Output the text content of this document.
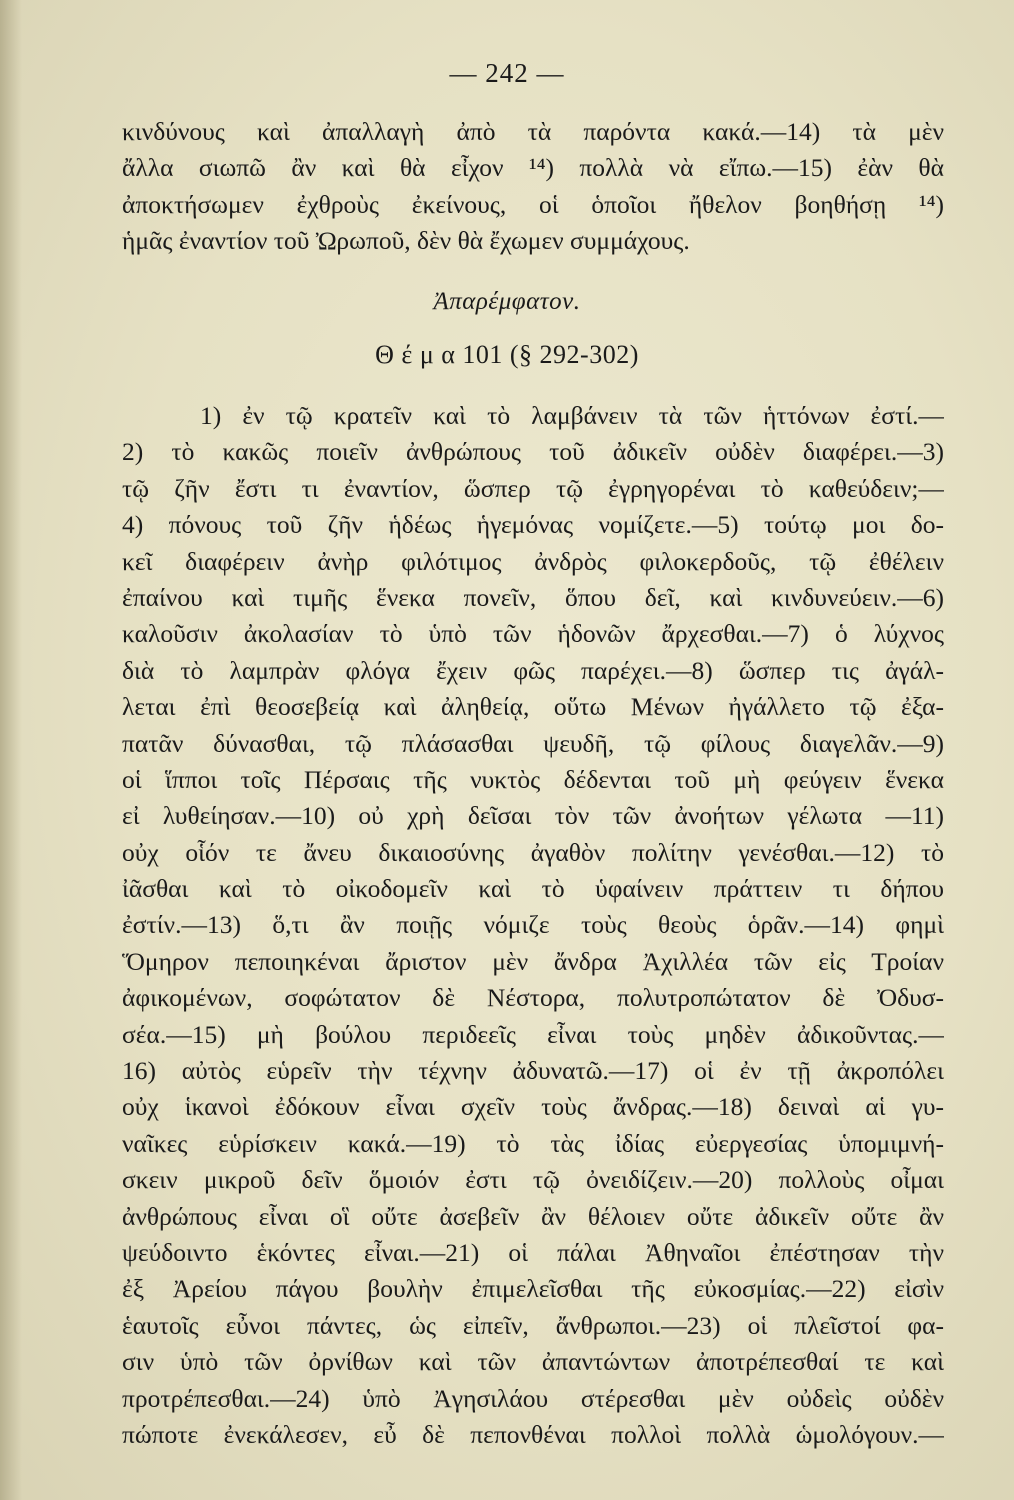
— 242 —
κινδύνους καὶ ἀπαλλαγὴ ἀπὸ τὰ παρόντα κακά.—14) τὰ μὲν
ἄλλα σιωπῶ ἂν καὶ θὰ εἶχον ¹⁴) πολλὰ νὰ εἴπω.—15) ἐὰν θὰ
ἀποκτήσωμεν ἐχθροὺς ἐκείνους, οἱ ὁποῖοι ἤθελον βοηθήσῃ ¹⁴)
ἡμᾶς ἐναντίον τοῦ Ὠρωποῦ, δὲν θὰ ἔχωμεν συμμάχους.
Ἀπαρέμφατον.
Θ έ μ α 101 (§ 292-302)
1) ἐν τῷ κρατεῖν καὶ τὸ λαμβάνειν τὰ τῶν ἡττόνων ἐστί.—
2) τὸ κακῶς ποιεῖν ἀνθρώπους τοῦ ἀδικεῖν οὐδὲν διαφέρει.—3)
τῷ ζῆν ἔστι τι ἐναντίον, ὥσπερ τῷ ἐγρηγορέναι τὸ καθεύδειν;—
4) πόνους τοῦ ζῆν ἡδέως ἡγεμόνας νομίζετε.—5) τούτῳ μοι δο-
κεῖ διαφέρειν ἀνὴρ φιλότιμος ἀνδρὸς φιλοκερδοῦς, τῷ ἐθέλειν
ἐπαίνου καὶ τιμῆς ἕνεκα πονεῖν, ὅπου δεῖ, καὶ κινδυνεύειν.—6)
καλοῦσιν ἀκολασίαν τὸ ὑπὸ τῶν ἡδονῶν ἄρχεσθαι.—7) ὁ λύχνος
διὰ τὸ λαμπρὰν φλόγα ἔχειν φῶς παρέχει.—8) ὥσπερ τις ἀγάλ-
λεται ἐπὶ θεοσεβείᾳ καὶ ἀληθείᾳ, οὕτω Μένων ἠγάλλετο τῷ ἐξα-
πατᾶν δύνασθαι, τῷ πλάσασθαι ψευδῆ, τῷ φίλους διαγελᾶν.—9)
οἱ ἵπποι τοῖς Πέρσαις τῆς νυκτὸς δέδενται τοῦ μὴ φεύγειν ἕνεκα
εἰ λυθείησαν.—10) οὐ χρὴ δεῖσαι τὸν τῶν ἀνοήτων γέλωτα —11)
οὐχ οἷόν τε ἄνευ δικαιοσύνης ἀγαθὸν πολίτην γενέσθαι.—12) τὸ
ἰᾶσθαι καὶ τὸ οἰκοδομεῖν καὶ τὸ ὑφαίνειν πράττειν τι δήπου
ἐστίν.—13) ὅ,τι ἂν ποιῇς νόμιζε τοὺς θεοὺς ὁρᾶν.—14) φημὶ
Ὅμηρον πεποιηκέναι ἄριστον μὲν ἄνδρα Ἀχιλλέα τῶν εἰς Τροίαν
ἀφικομένων, σοφώτατον δὲ Νέστορα, πολυτροπώτατον δὲ Ὀδυσ-
σέα.—15) μὴ βούλου περιδεεῖς εἶναι τοὺς μηδὲν ἀδικοῦντας.—
16) αὐτὸς εὑρεῖν τὴν τέχνην ἀδυνατῶ.—17) οἱ ἐν τῇ ἀκροπόλει
οὐχ ἱκανοὶ ἐδόκουν εἶναι σχεῖν τοὺς ἄνδρας.—18) δειναὶ αἱ γυ-
ναῖκες εὑρίσκειν κακά.—19) τὸ τὰς ἰδίας εὐεργεσίας ὑπομιμνή-
σκειν μικροῦ δεῖν ὅμοιόν ἐστι τῷ ὀνειδίζειν.—20) πολλοὺς οἶμαι
ἀνθρώπους εἶναι οἳ οὔτε ἀσεβεῖν ἂν θέλοιεν οὔτε ἀδικεῖν οὔτε ἂν
ψεύδοιντο ἑκόντες εἶναι.—21) οἱ πάλαι Ἀθηναῖοι ἐπέστησαν τὴν
ἐξ Ἀρείου πάγου βουλὴν ἐπιμελεῖσθαι τῆς εὐκοσμίας.—22) εἰσὶν
ἑαυτοῖς εὖνοι πάντες, ὡς εἰπεῖν, ἄνθρωποι.—23) οἱ πλεῖστοί φα-
σιν ὑπὸ τῶν ὀρνίθων καὶ τῶν ἀπαντώντων ἀποτρέπεσθαί τε καὶ
προτρέπεσθαι.—24) ὑπὸ Ἀγησιλάου στέρεσθαι μὲν οὐδεὶς οὐδὲν
πώποτε ἐνεκάλεσεν, εὖ δὲ πεπονθέναι πολλοὶ πολλὰ ὡμολόγουν.—
